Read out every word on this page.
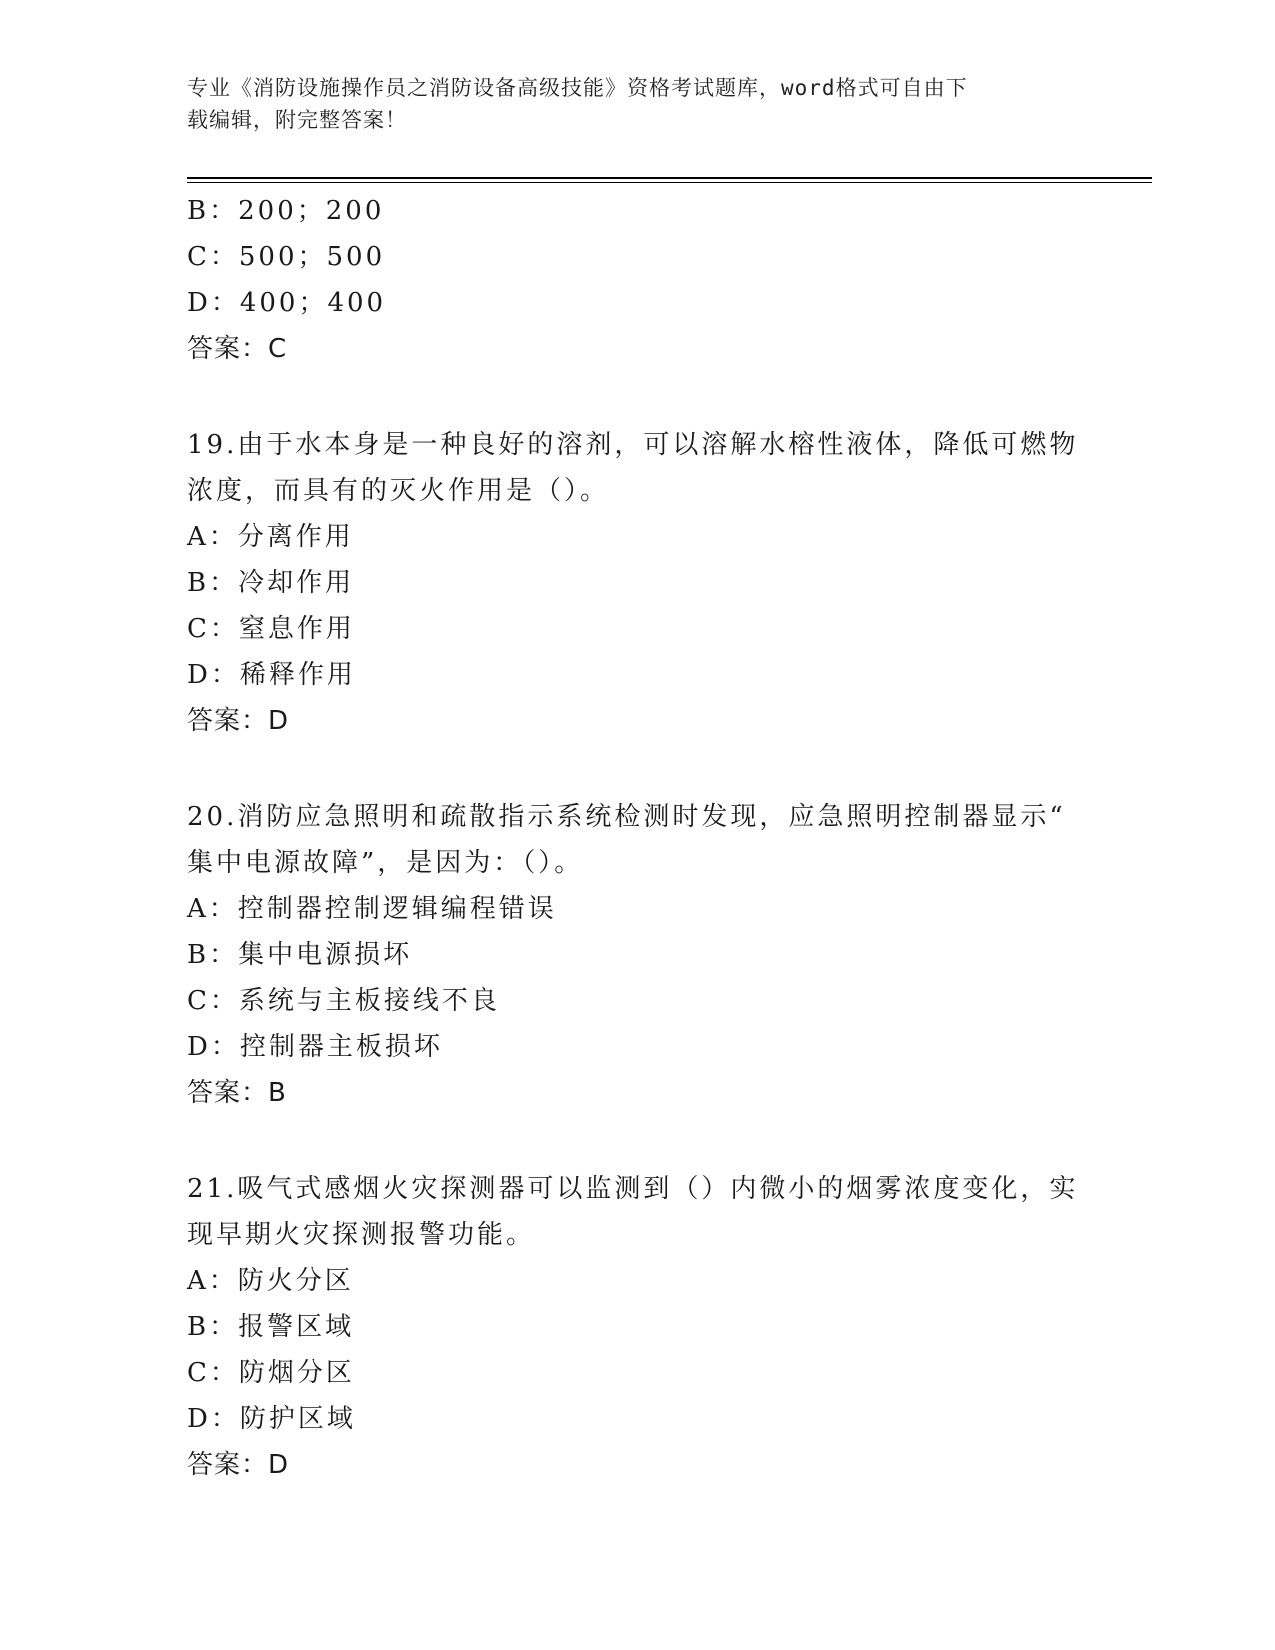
专业《消防设施操作员之消防设备高级技能》资格考试题库，word格式可自由下
载编辑，附完整答案！

B：200；200

C：500；500

D：400；400

答案：C

19.由于水本身是一种良好的溶剂，可以溶解水榕性液体，降低可燃物

浓度，而具有的灭火作用是（）。

A：分离作用

B：冷却作用

C：窒息作用

D：稀释作用

答案：D

20.消防应急照明和疏散指示系统检测时发现，应急照明控制器显示“

集中电源故障”，是因为：（）。

A：控制器控制逻辑编程错误

B：集中电源损坏

C：系统与主板接线不良

D：控制器主板损坏

答案：B

21.吸气式感烟火灾探测器可以监测到（）内微小的烟雾浓度变化，实

现早期火灾探测报警功能。

A：防火分区

B：报警区域

C：防烟分区

D：防护区域

答案：D
